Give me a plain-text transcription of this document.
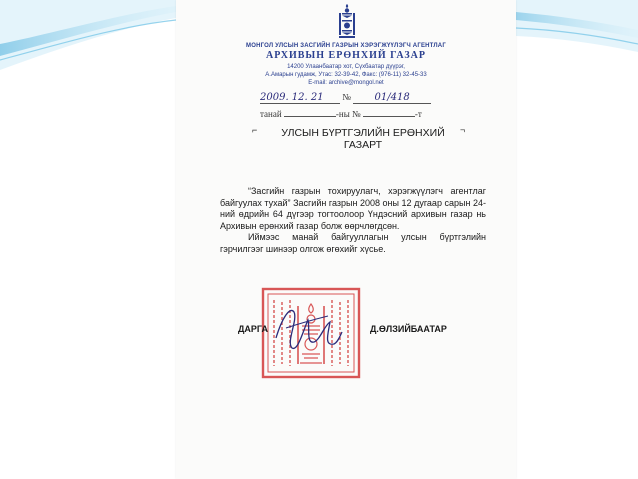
МОНГОЛ УЛСЫН ЗАСГИЙН ГАЗРЫН ХЭРЭГЖҮҮЛЭГЧ АГЕНТЛАГ
АРХИВЫН ЕРӨНХИЙ ГАЗАР
14200 Улаанбаатар хот, Сүхбаатар дүүрэг,
А.Амарын гудамж, Утас: 32-39-42, Факс: (976-11) 32-45-33
E-mail: archive@mongol.net
2009. 12. 21 № 01/418
танай	-ны №	-т
⌐	¬
УЛСЫН БҮРТГЭЛИЙН ЕРӨНХИЙ
ГАЗАРТ

“Засгийн газрын тохируулагч, хэрэгжүүлэгч агентлаг байгуулах тухай” Засгийн газрын 2008 оны 12 дугаар сарын 24-ний өдрийн 64 дүгээр тогтоолоор Үндэсний архивын газар нь Архивын ерөнхий газар болж өөрчлөгдсөн.

Иймээс манай байгууллагын улсын бүртгэлийн гэрчилгээг шинээр олгож өгөхийг хүсье.

ДАРГА	Д.ӨЛЗИЙБААТАР
